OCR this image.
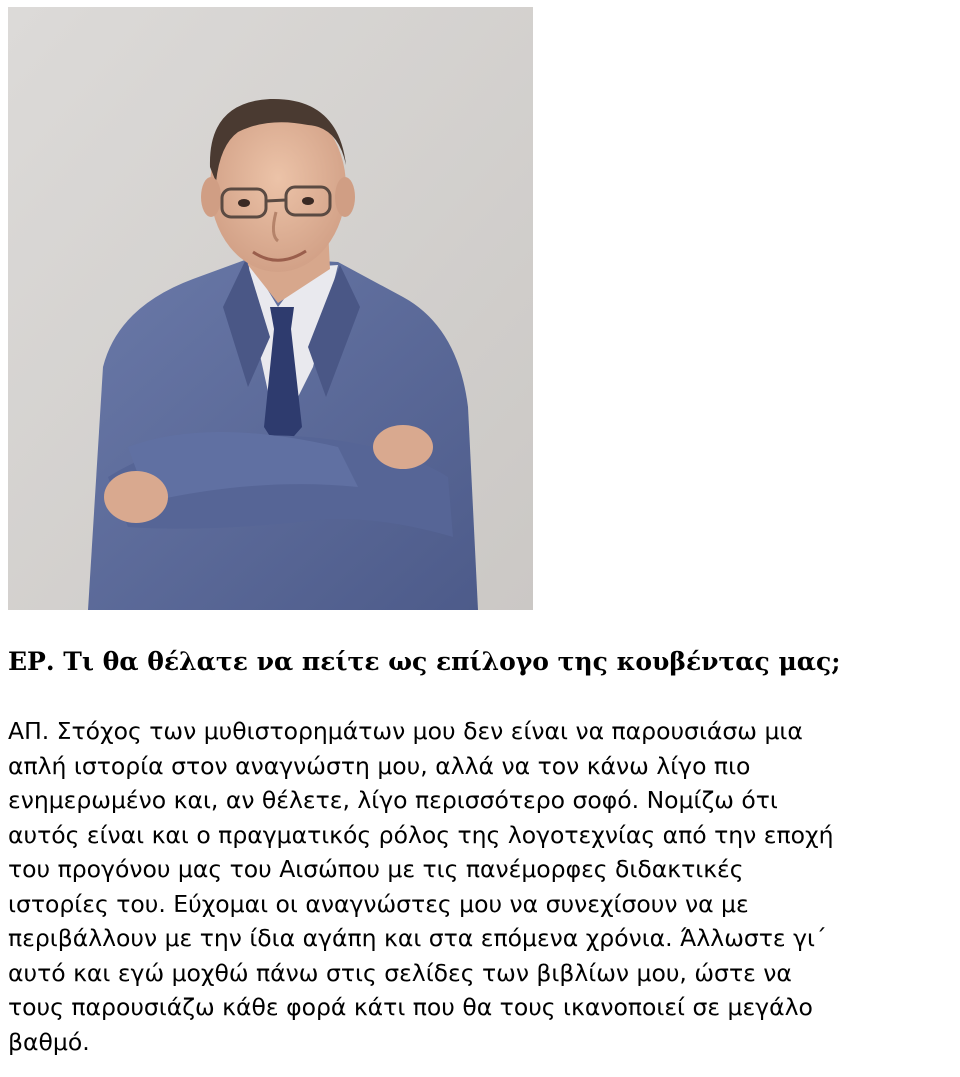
ΕΡ. Τι θα θέλατε να πείτε ως επίλογο της κουβέντας μας;
ΑΠ. Στόχος των μυθιστορημάτων μου δεν είναι να παρουσιάσω μια
απλή ιστορία στον αναγνώστη μου, αλλά να τον κάνω λίγο πιο
ενημερωμένο και, αν θέλετε, λίγο περισσότερο σοφό. Νομίζω ότι
αυτός είναι και ο πραγματικός ρόλος της λογοτεχνίας από την εποχή
του προγόνου μας του Αισώπου με τις πανέμορφες διδακτικές
ιστορίες του. Εύχομαι οι αναγνώστες μου να συνεχίσουν να με
περιβάλλουν με την ίδια αγάπη και στα επόμενα χρόνια. Άλλωστε γι΄
αυτό και εγώ μοχθώ πάνω στις σελίδες των βιβλίων μου, ώστε να
τους παρουσιάζω κάθε φορά κάτι που θα τους ικανοποιεί σε μεγάλο
βαθμό.
